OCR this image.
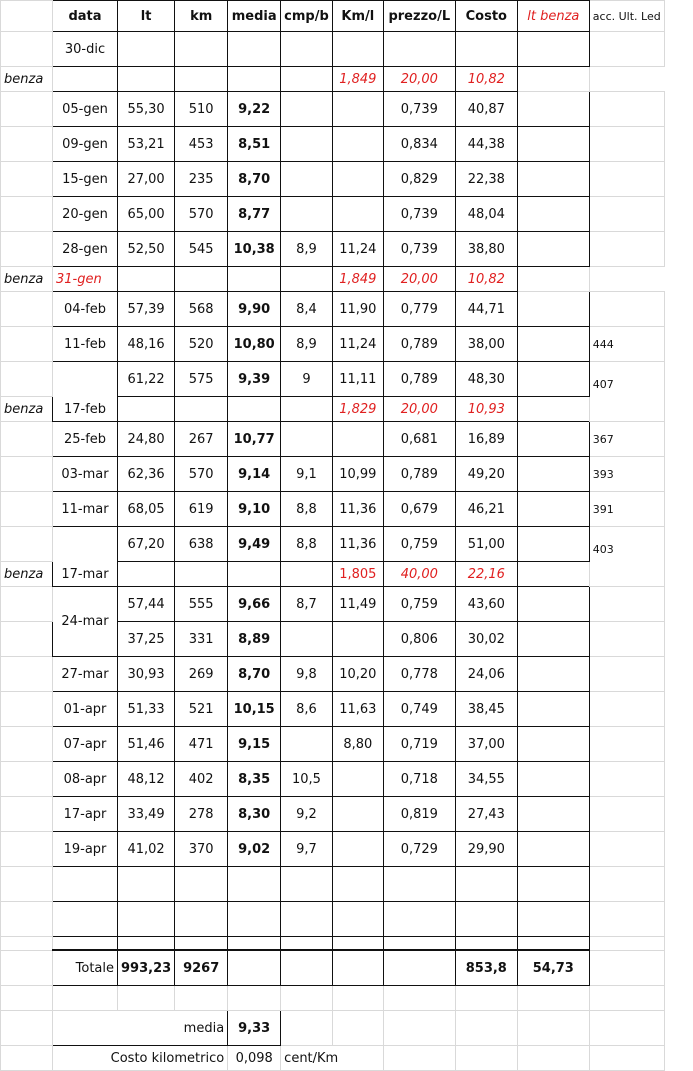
	data	lt	km	media	cmp/b	Km/l	prezzo/L	Costo	lt benza	acc. Ult. Led
	30-dic									
benza						1,849	20,00	10,82		
	05-gen	55,30	510	9,22			0,739	40,87		
	09-gen	53,21	453	8,51			0,834	44,38		
	15-gen	27,00	235	8,70			0,829	22,38		
	20-gen	65,00	570	8,77			0,739	48,04		
	28-gen	52,50	545	10,38	8,9	11,24	0,739	38,80		
benza	31-gen					1,849	20,00	10,82		
	04-feb	57,39	568	9,90	8,4	11,90	0,779	44,71		
	11-feb	48,16	520	10,80	8,9	11,24	0,789	38,00		444
	17-feb	61,22	575	9,39	9	11,11	0,789	48,30		407
benza						1,829	20,00	10,93		
	25-feb	24,80	267	10,77			0,681	16,89		367
	03-mar	62,36	570	9,14	9,1	10,99	0,789	49,20		393
	11-mar	68,05	619	9,10	8,8	11,36	0,679	46,21		391
	17-mar	67,20	638	9,49	8,8	11,36	0,759	51,00		403
benza						1,805	40,00	22,16		
	24-mar	57,44	555	9,66	8,7	11,49	0,759	43,60		
		37,25	331	8,89			0,806	30,02		
	27-mar	30,93	269	8,70	9,8	10,20	0,778	24,06		
	01-apr	51,33	521	10,15	8,6	11,63	0,749	38,45		
	07-apr	51,46	471	9,15		8,80	0,719	37,00		
	08-apr	48,12	402	8,35	10,5		0,718	34,55		
	17-apr	33,49	278	8,30	9,2		0,819	27,43		
	19-apr	41,02	370	9,02	9,7		0,729	29,90		

	Totale	993,23	9267					853,8	54,73	

	media			9,33						
	Costo kilometrico			0,098	cent/Km					
